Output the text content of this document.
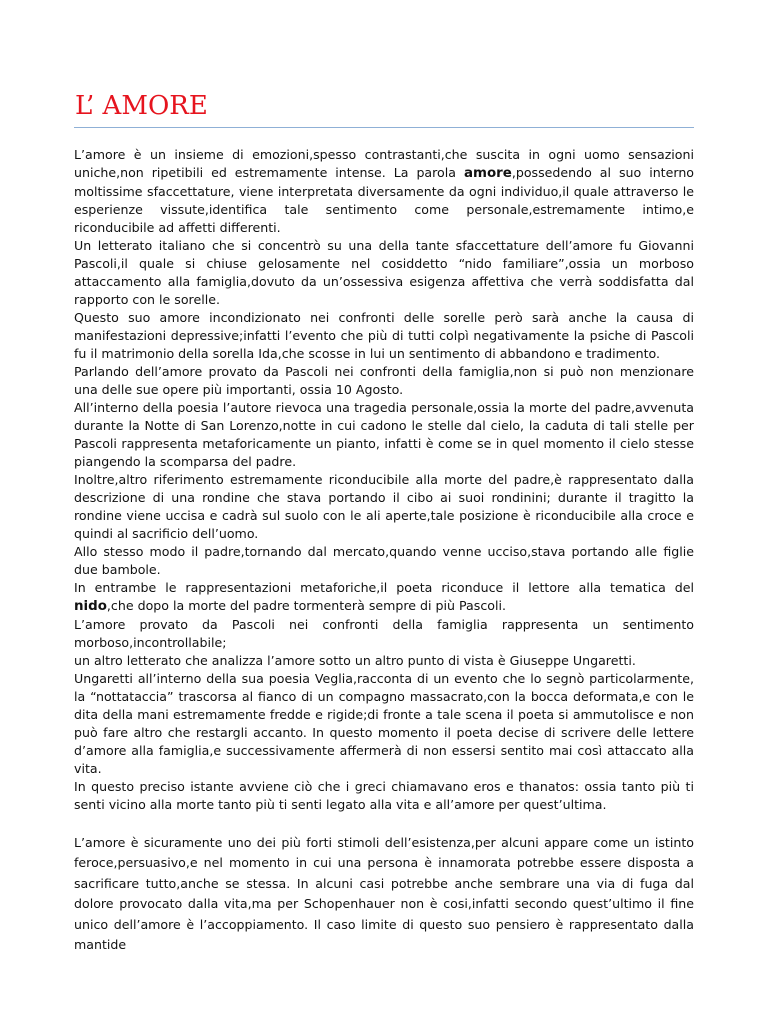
L’ AMORE

L’amore è un insieme di emozioni,spesso contrastanti,che suscita in ogni uomo sensazioni uniche,non ripetibili ed estremamente intense. La parola amore,possedendo al suo interno moltissime sfaccettature, viene interpretata diversamente da ogni individuo,il quale attraverso le esperienze vissute,identifica tale sentimento come personale,estremamente intimo,e riconducibile ad affetti differenti.

Un letterato italiano che si concentrò su una della tante sfaccettature dell’amore fu Giovanni Pascoli,il quale si chiuse gelosamente nel cosiddetto “nido familiare”,ossia un morboso attaccamento alla famiglia,dovuto da un’ossessiva esigenza affettiva che verrà soddisfatta dal rapporto con le sorelle.

Questo suo amore incondizionato nei confronti delle sorelle però sarà anche la causa di manifestazioni depressive;infatti l’evento che più di tutti colpì negativamente la psiche di Pascoli fu il matrimonio della sorella Ida,che scosse in lui un sentimento di abbandono e tradimento.

Parlando dell’amore provato da Pascoli nei confronti della famiglia,non si può non menzionare una delle sue opere più importanti, ossia 10 Agosto.

All’interno della poesia l’autore rievoca una tragedia personale,ossia la morte del padre,avvenuta durante la Notte di San Lorenzo,notte in cui cadono le stelle dal cielo, la caduta di tali stelle per Pascoli rappresenta metaforicamente un pianto, infatti è come se in quel momento il cielo stesse piangendo la scomparsa del padre.

Inoltre,altro riferimento estremamente riconducibile alla morte del padre,è rappresentato dalla descrizione di una rondine che stava portando il cibo ai suoi rondinini; durante il tragitto la rondine viene uccisa e cadrà sul suolo con le ali aperte,tale posizione è riconducibile alla croce e quindi al sacrificio dell’uomo.

Allo stesso modo il padre,tornando dal mercato,quando venne ucciso,stava portando alle figlie due bambole.

In entrambe le rappresentazioni metaforiche,il poeta riconduce il lettore alla tematica del nido,che dopo la morte del padre tormenterà sempre di più Pascoli.

L’amore provato da Pascoli nei confronti della famiglia rappresenta un sentimento morboso,incontrollabile;

un altro letterato che analizza l’amore sotto un altro punto di vista è Giuseppe Ungaretti.

Ungaretti all’interno della sua poesia Veglia,racconta di un evento che lo segnò particolarmente, la “nottataccia” trascorsa al fianco di un compagno massacrato,con la bocca deformata,e con le dita della mani estremamente fredde e rigide;di fronte a tale scena il poeta si ammutolisce e non può fare altro che restargli accanto. In questo momento il poeta decise di scrivere delle lettere d’amore alla famiglia,e successivamente affermerà di non essersi sentito mai così attaccato alla vita.

In questo preciso istante avviene ciò che i greci chiamavano eros e thanatos: ossia tanto più ti senti vicino alla morte tanto più ti senti legato alla vita e all’amore per quest’ultima.

L’amore è sicuramente uno dei più forti stimoli dell’esistenza,per alcuni appare come un istinto feroce,persuasivo,e nel momento in cui una persona è innamorata potrebbe essere disposta a sacrificare tutto,anche se stessa. In alcuni casi potrebbe anche sembrare una via di fuga dal dolore provocato dalla vita,ma per Schopenhauer non è cosi,infatti secondo quest’ultimo il fine unico dell’amore è l’accoppiamento. Il caso limite di questo suo pensiero è rappresentato dalla mantide
